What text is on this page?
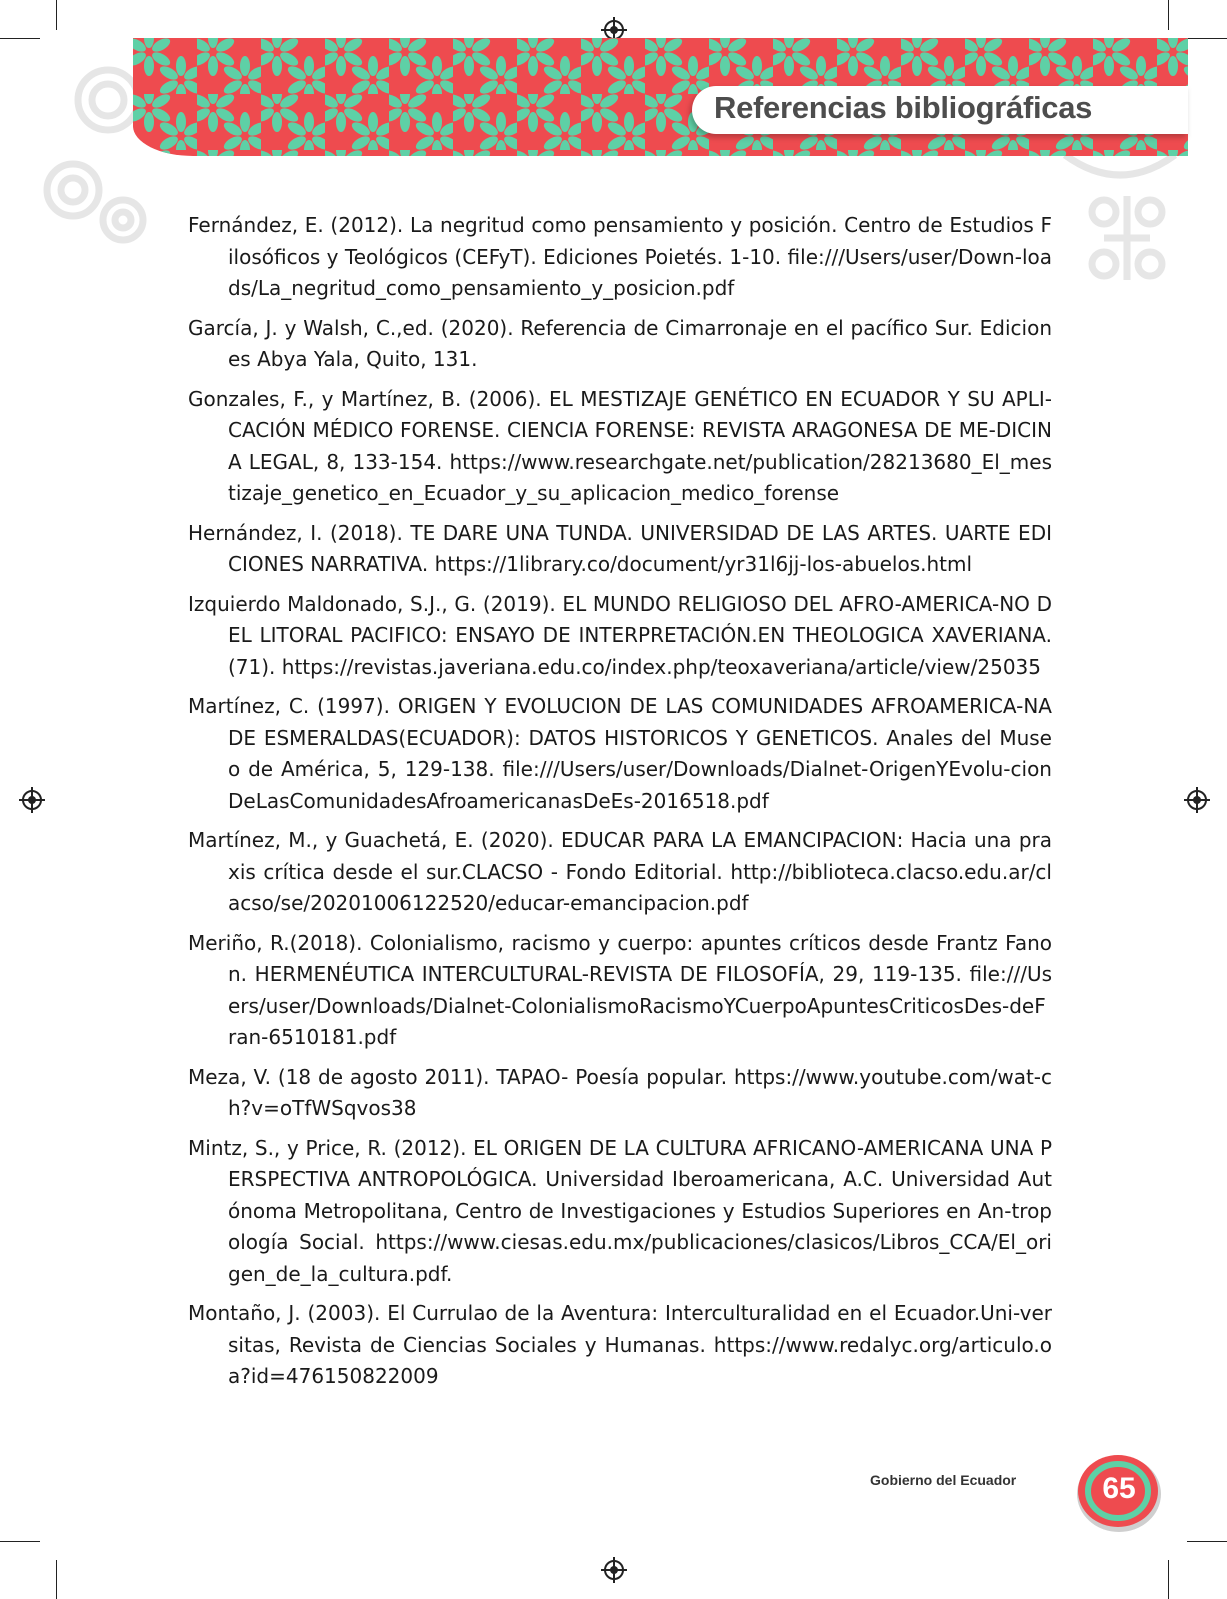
Referencias bibliográficas

Fernández, E. (2012). La negritud como pensamiento y posición. Centro de Estudios Filosóficos y Teológicos (CEFyT). Ediciones Poietés. 1-10. file:///Users/user/Down-loads/La_negritud_como_pensamiento_y_posicion.pdf

García, J. y Walsh, C.,ed. (2020). Referencia de Cimarronaje en el pacífico Sur. Ediciones Abya Yala, Quito, 131.

Gonzales, F., y Martínez, B. (2006). EL MESTIZAJE GENÉTICO EN ECUADOR Y SU APLI-CACIÓN MÉDICO FORENSE. CIENCIA FORENSE: REVISTA ARAGONESA DE ME-DICINA LEGAL, 8, 133-154. https://www.researchgate.net/publication/28213680_El_mestizaje_genetico_en_Ecuador_y_su_aplicacion_medico_forense

Hernández, I. (2018). TE DARE UNA TUNDA. UNIVERSIDAD DE LAS ARTES. UARTE EDICIONES NARRATIVA. https://1library.co/document/yr31l6jj-los-abuelos.html

Izquierdo Maldonado, S.J., G. (2019). EL MUNDO RELIGIOSO DEL AFRO-AMERICA-NO DEL LITORAL PACIFICO: ENSAYO DE INTERPRETACIÓN.EN THEOLOGICA XAVERIANA.(71). https://revistas.javeriana.edu.co/index.php/teoxaveriana/article/view/25035

Martínez, C. (1997). ORIGEN Y EVOLUCION DE LAS COMUNIDADES AFROAMERICA-NA DE ESMERALDAS(ECUADOR): DATOS HISTORICOS Y GENETICOS. Anales del Museo de América, 5, 129-138. file:///Users/user/Downloads/Dialnet-OrigenYEvolu-cionDeLasComunidadesAfroamericanasDeEs-2016518.pdf

Martínez, M., y Guachetá, E. (2020). EDUCAR PARA LA EMANCIPACION: Hacia una praxis crítica desde el sur.CLACSO - Fondo Editorial. http://biblioteca.clacso.edu.ar/clacso/se/20201006122520/educar-emancipacion.pdf

Meriño, R.(2018). Colonialismo, racismo y cuerpo: apuntes críticos desde Frantz Fanon. HERMENÉUTICA INTERCULTURAL-REVISTA DE FILOSOFÍA, 29, 119-135. file:///Users/user/Downloads/Dialnet-ColonialismoRacismoYCuerpoApuntesCriticosDes-deFran-6510181.pdf

Meza, V. (18 de agosto 2011). TAPAO- Poesía popular. https://www.youtube.com/wat-ch?v=oTfWSqvos38

Mintz, S., y Price, R. (2012). EL ORIGEN DE LA CULTURA AFRICANO-AMERICANA UNA PERSPECTIVA ANTROPOLÓGICA. Universidad Iberoamericana, A.C. Universidad Autónoma Metropolitana, Centro de Investigaciones y Estudios Superiores en An-tropología Social. https://www.ciesas.edu.mx/publicaciones/clasicos/Libros_CCA/El_origen_de_la_cultura.pdf.

Montaño, J. (2003). El Currulao de la Aventura: Interculturalidad en el Ecuador.Uni-versitas, Revista de Ciencias Sociales y Humanas. https://www.redalyc.org/articulo.oa?id=476150822009

Gobierno del Ecuador	65
